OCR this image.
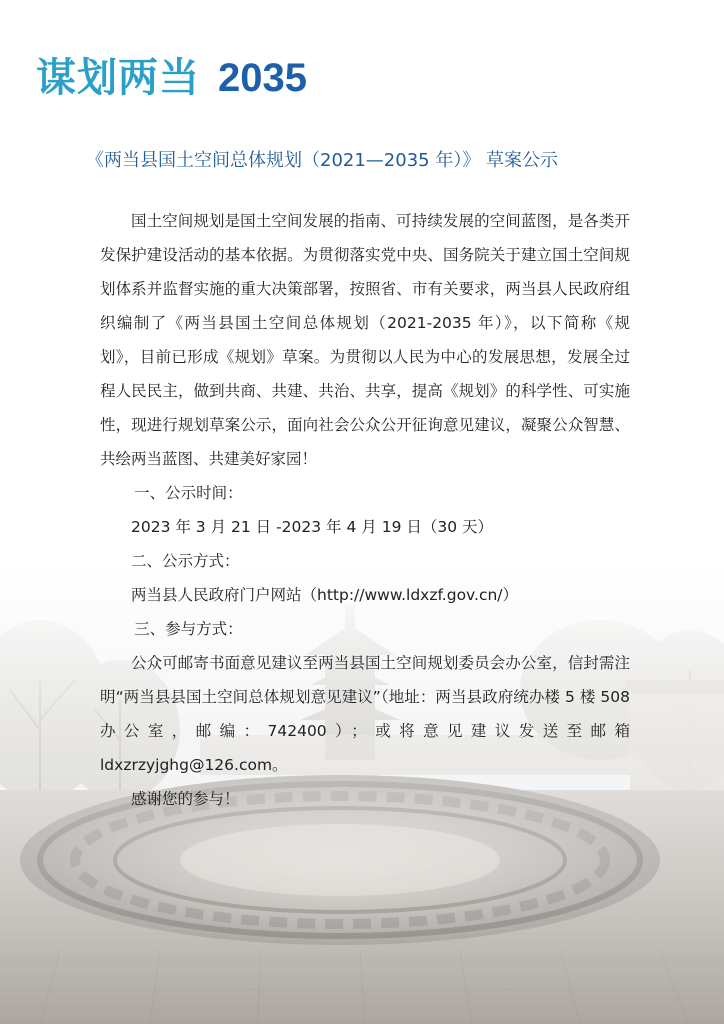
谋划两当 2035
《两当县国土空间总体规划（2021—2035 年）》 草案公示

国土空间规划是国土空间发展的指南、可持续发展的空间蓝图，是各类开发保护建设活动的基本依据。为贯彻落实党中央、国务院关于建立国土空间规划体系并监督实施的重大决策部署，按照省、市有关要求，两当县人民政府组织编制了《两当县国土空间总体规划（2021-2035 年）》，以下简称《规划》，目前已形成《规划》草案。为贯彻以人民为中心的发展思想，发展全过程人民民主，做到共商、共建、共治、共享，提高《规划》的科学性、可实施性，现进行规划草案公示，面向社会公众公开征询意见建议，凝聚公众智慧、共绘两当蓝图、共建美好家园！

一、公示时间：

2023 年 3 月 21 日 -2023 年 4 月 19 日（30 天）

二、公示方式：

两当县人民政府门户网站（http://www.ldxzf.gov.cn/）

三、参与方式：

公众可邮寄书面意见建议至两当县国土空间规划委员会办公室，信封需注明“两当县县国土空间总体规划意见建议”（地址：两当县政府统办楼 5 楼 508 办公室，邮编：742400）；或将意见建议发送至邮箱 ldxzrzyjghg@126.com。

感谢您的参与！
